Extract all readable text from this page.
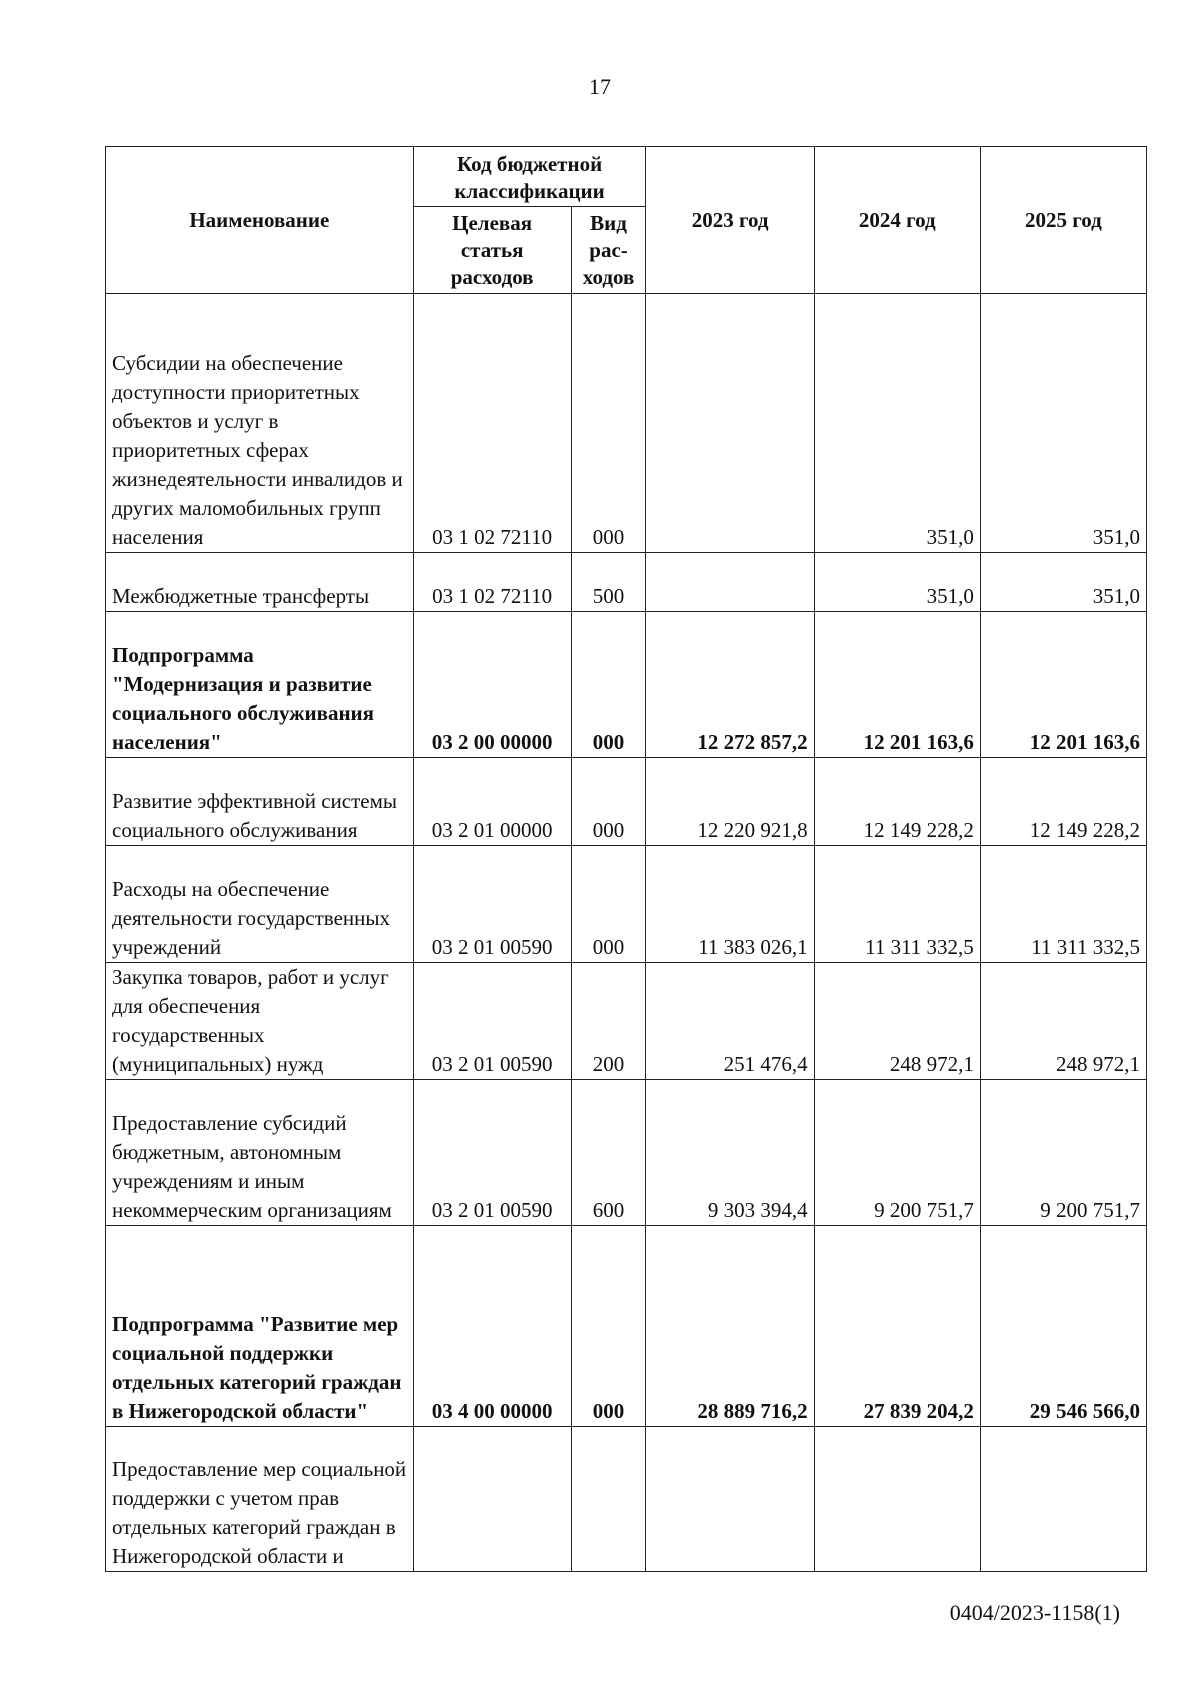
17
Наименование	Код бюджетной классификации		2023 год	2024 год	2025 год
	Целевая статья расходов	Вид рас-ходов			
Субсидии на обеспечение доступности приоритетных объектов и услуг в приоритетных сферах жизнедеятельности инвалидов и других маломобильных групп населения	03 1 02 72110	000		351,0	351,0
Межбюджетные трансферты	03 1 02 72110	500		351,0	351,0
Подпрограмма "Модернизация и развитие социального обслуживания населения"	03 2 00 00000	000	12 272 857,2	12 201 163,6	12 201 163,6
Развитие эффективной системы социального обслуживания	03 2 01 00000	000	12 220 921,8	12 149 228,2	12 149 228,2
Расходы на обеспечение деятельности государственных учреждений	03 2 01 00590	000	11 383 026,1	11 311 332,5	11 311 332,5
Закупка товаров, работ и услуг для обеспечения государственных (муниципальных) нужд	03 2 01 00590	200	251 476,4	248 972,1	248 972,1
Предоставление субсидий бюджетным, автономным учреждениям и иным некоммерческим организациям	03 2 01 00590	600	9 303 394,4	9 200 751,7	9 200 751,7
Подпрограмма "Развитие мер социальной поддержки отдельных категорий граждан в Нижегородской области"	03 4 00 00000	000	28 889 716,2	27 839 204,2	29 546 566,0
Предоставление мер социальной поддержки с учетом прав отдельных категорий граждан в Нижегородской области и					
0404/2023-1158(1)
